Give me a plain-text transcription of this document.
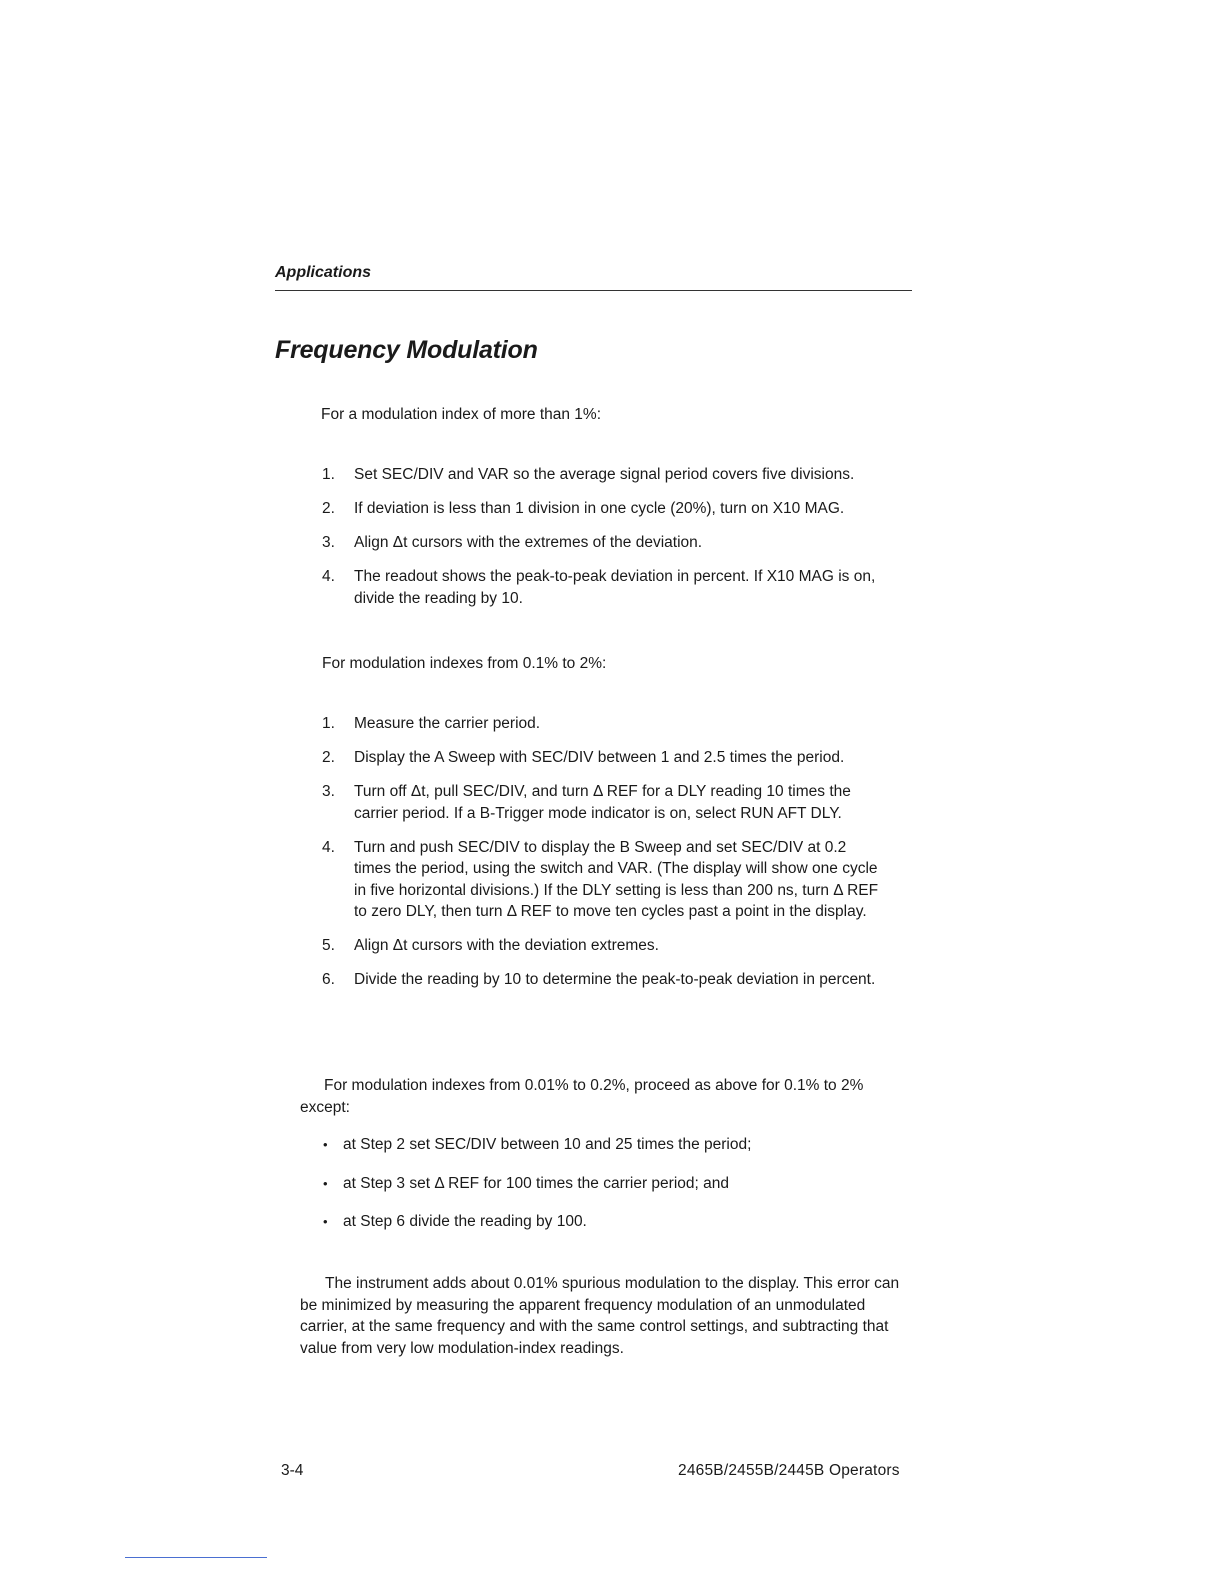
Applications
Frequency Modulation

For a modulation index of more than 1%:

1. Set SEC/DIV and VAR so the average signal period covers five divisions.
2. If deviation is less than 1 division in one cycle (20%), turn on X10 MAG.
3. Align Δt cursors with the extremes of the deviation.
4. The readout shows the peak-to-peak deviation in percent. If X10 MAG is on, divide the reading by 10.

For modulation indexes from 0.1% to 2%:

1. Measure the carrier period.
2. Display the A Sweep with SEC/DIV between 1 and 2.5 times the period.
3. Turn off Δt, pull SEC/DIV, and turn Δ REF for a DLY reading 10 times the carrier period. If a B-Trigger mode indicator is on, select RUN AFT DLY.
4. Turn and push SEC/DIV to display the B Sweep and set SEC/DIV at 0.2 times the period, using the switch and VAR. (The display will show one cycle in five horizontal divisions.) If the DLY setting is less than 200 ns, turn Δ REF to zero DLY, then turn Δ REF to move ten cycles past a point in the display.
5. Align Δt cursors with the deviation extremes.
6. Divide the reading by 10 to determine the peak-to-peak deviation in percent.

For modulation indexes from 0.01% to 0.2%, proceed as above for 0.1% to 2% except:

• at Step 2 set SEC/DIV between 10 and 25 times the period;
• at Step 3 set Δ REF for 100 times the carrier period; and
• at Step 6 divide the reading by 100.

The instrument adds about 0.01% spurious modulation to the display. This error can be minimized by measuring the apparent frequency modulation of an unmodulated carrier, at the same frequency and with the same control settings, and subtracting that value from very low modulation-index readings.

3-4	2465B/2455B/2445B Operators
